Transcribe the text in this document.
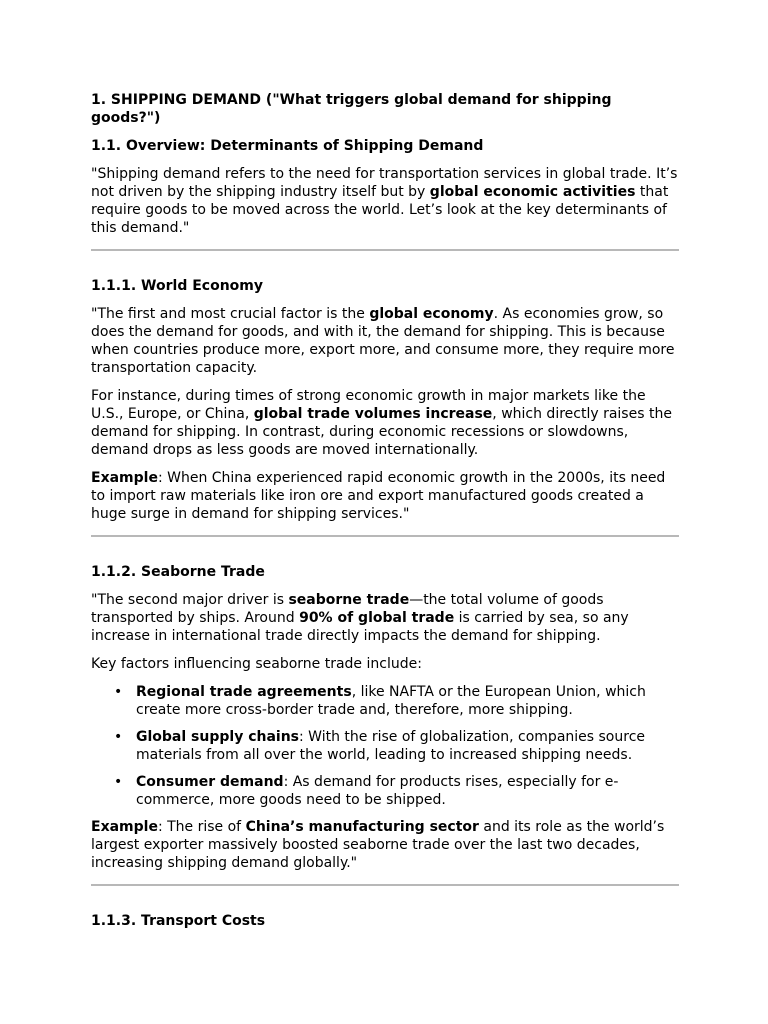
1. SHIPPING DEMAND ("What triggers global demand for shipping goods?")
1.1. Overview: Determinants of Shipping Demand

"Shipping demand refers to the need for transportation services in global trade. It’s not driven by the shipping industry itself but by global economic activities that require goods to be moved across the world. Let’s look at the key determinants of this demand."

1.1.1. World Economy

"The first and most crucial factor is the global economy. As economies grow, so does the demand for goods, and with it, the demand for shipping. This is because when countries produce more, export more, and consume more, they require more transportation capacity.

For instance, during times of strong economic growth in major markets like the U.S., Europe, or China, global trade volumes increase, which directly raises the demand for shipping. In contrast, during economic recessions or slowdowns, demand drops as less goods are moved internationally.

Example: When China experienced rapid economic growth in the 2000s, its need to import raw materials like iron ore and export manufactured goods created a huge surge in demand for shipping services."

1.1.2. Seaborne Trade

"The second major driver is seaborne trade—the total volume of goods transported by ships. Around 90% of global trade is carried by sea, so any increase in international trade directly impacts the demand for shipping.

Key factors influencing seaborne trade include:

• Regional trade agreements, like NAFTA or the European Union, which create more cross-border trade and, therefore, more shipping.
• Global supply chains: With the rise of globalization, companies source materials from all over the world, leading to increased shipping needs.
• Consumer demand: As demand for products rises, especially for e-commerce, more goods need to be shipped.

Example: The rise of China’s manufacturing sector and its role as the world’s largest exporter massively boosted seaborne trade over the last two decades, increasing shipping demand globally."

1.1.3. Transport Costs
